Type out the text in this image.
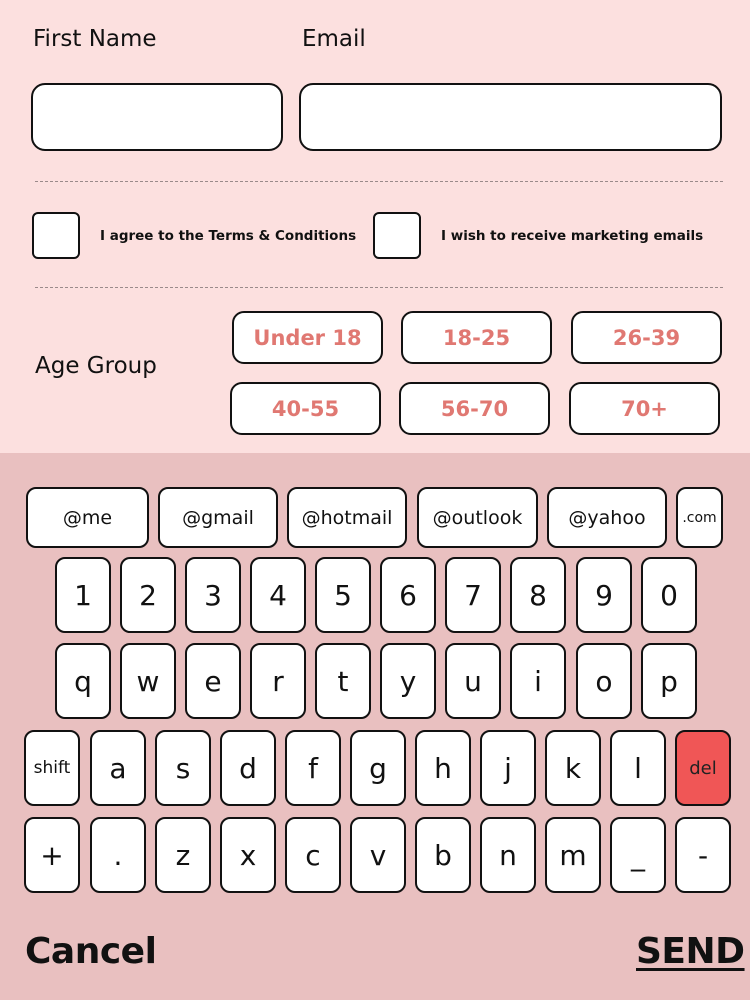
First Name	Email
I agree to the Terms & Conditions	I wish to receive marketing emails
Age Group
Under 18	18-25	26-39
40-55	56-70	70+
@me	@gmail	@hotmail	@outlook	@yahoo	.com
1	2	3	4	5	6	7	8	9	0
q	w	e	r	t	y	u	i	o	p
shift	a	s	d	f	g	h	j	k	l	del
+	.	z	x	c	v	b	n	m	_	-
Cancel	SEND
